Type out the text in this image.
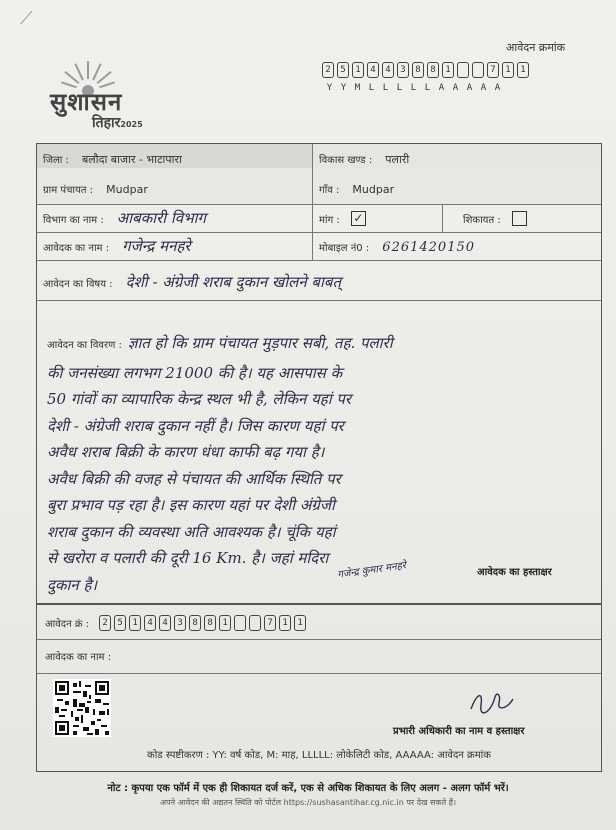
⟋
सुशासन
तिहार2025
आवेदन क्रमांक
2	5	1	4	4	3	8	8	1	7	1	1
Y Y M L L L L L A A A A A
जिला : बलौदा बाजार - भाटापारा	विकास खण्ड : पलारी
ग्राम पंचायत : Mudpar	गाँव : Mudpar
विभाग का नाम : आबकारी विभाग	मांग : ✓	शिकायत :
आवेदक का नाम : गजेन्द्र मनहरे	मोबाइल नं0 : 6261420150
आवेदन का विषय : देशी - अंग्रेजी शराब दुकान खोलने बाबत्
आवेदन का विवरण : ज्ञात हो कि ग्राम पंचायत मुड़पार सबी, तह. पलारी
की जनसंख्या लगभग 21000 की है। यह आसपास के
50 गांवों का व्यापारिक केन्द्र स्थल भी है, लेकिन यहां पर
देशी - अंग्रेजी शराब दुकान नहीं है। जिस कारण यहां पर
अवैध शराब बिक्री के कारण धंधा काफी बढ़ गया है।
अवैध बिक्री की वजह से पंचायत की आर्थिक स्थिति पर
बुरा प्रभाव पड़ रहा है। इस कारण यहां पर देशी अंग्रेजी
शराब दुकान की व्यवस्था अति आवश्यक है। चूंकि यहां
से खरोरा व पलारी की दूरी 16 Km. है। जहां मदिरा
दुकान है।
गजेन्द्र कुमार मनहरे	आवेदक का हस्ताक्षर
आवेदन क्रं :	2	5	1	4	4	3	8	8	1	7	1	1
आवेदक का नाम :
प्रभारी अधिकारी का नाम व हस्ताक्षर
कोड स्पष्टीकरण : YY: वर्ष कोड, M: माह, LLLLL: लोकेलिटी कोड, AAAAA: आवेदन क्रमांक
नोट : कृपया एक फॉर्म में एक ही शिकायत दर्ज करें, एक से अधिक शिकायत के लिए अलग - अलग फॉर्म भरें।
अपने आवेदन की अद्यतन स्थिति को पोर्टल https://sushasantihar.cg.nic.in पर देख सकते हैं।
